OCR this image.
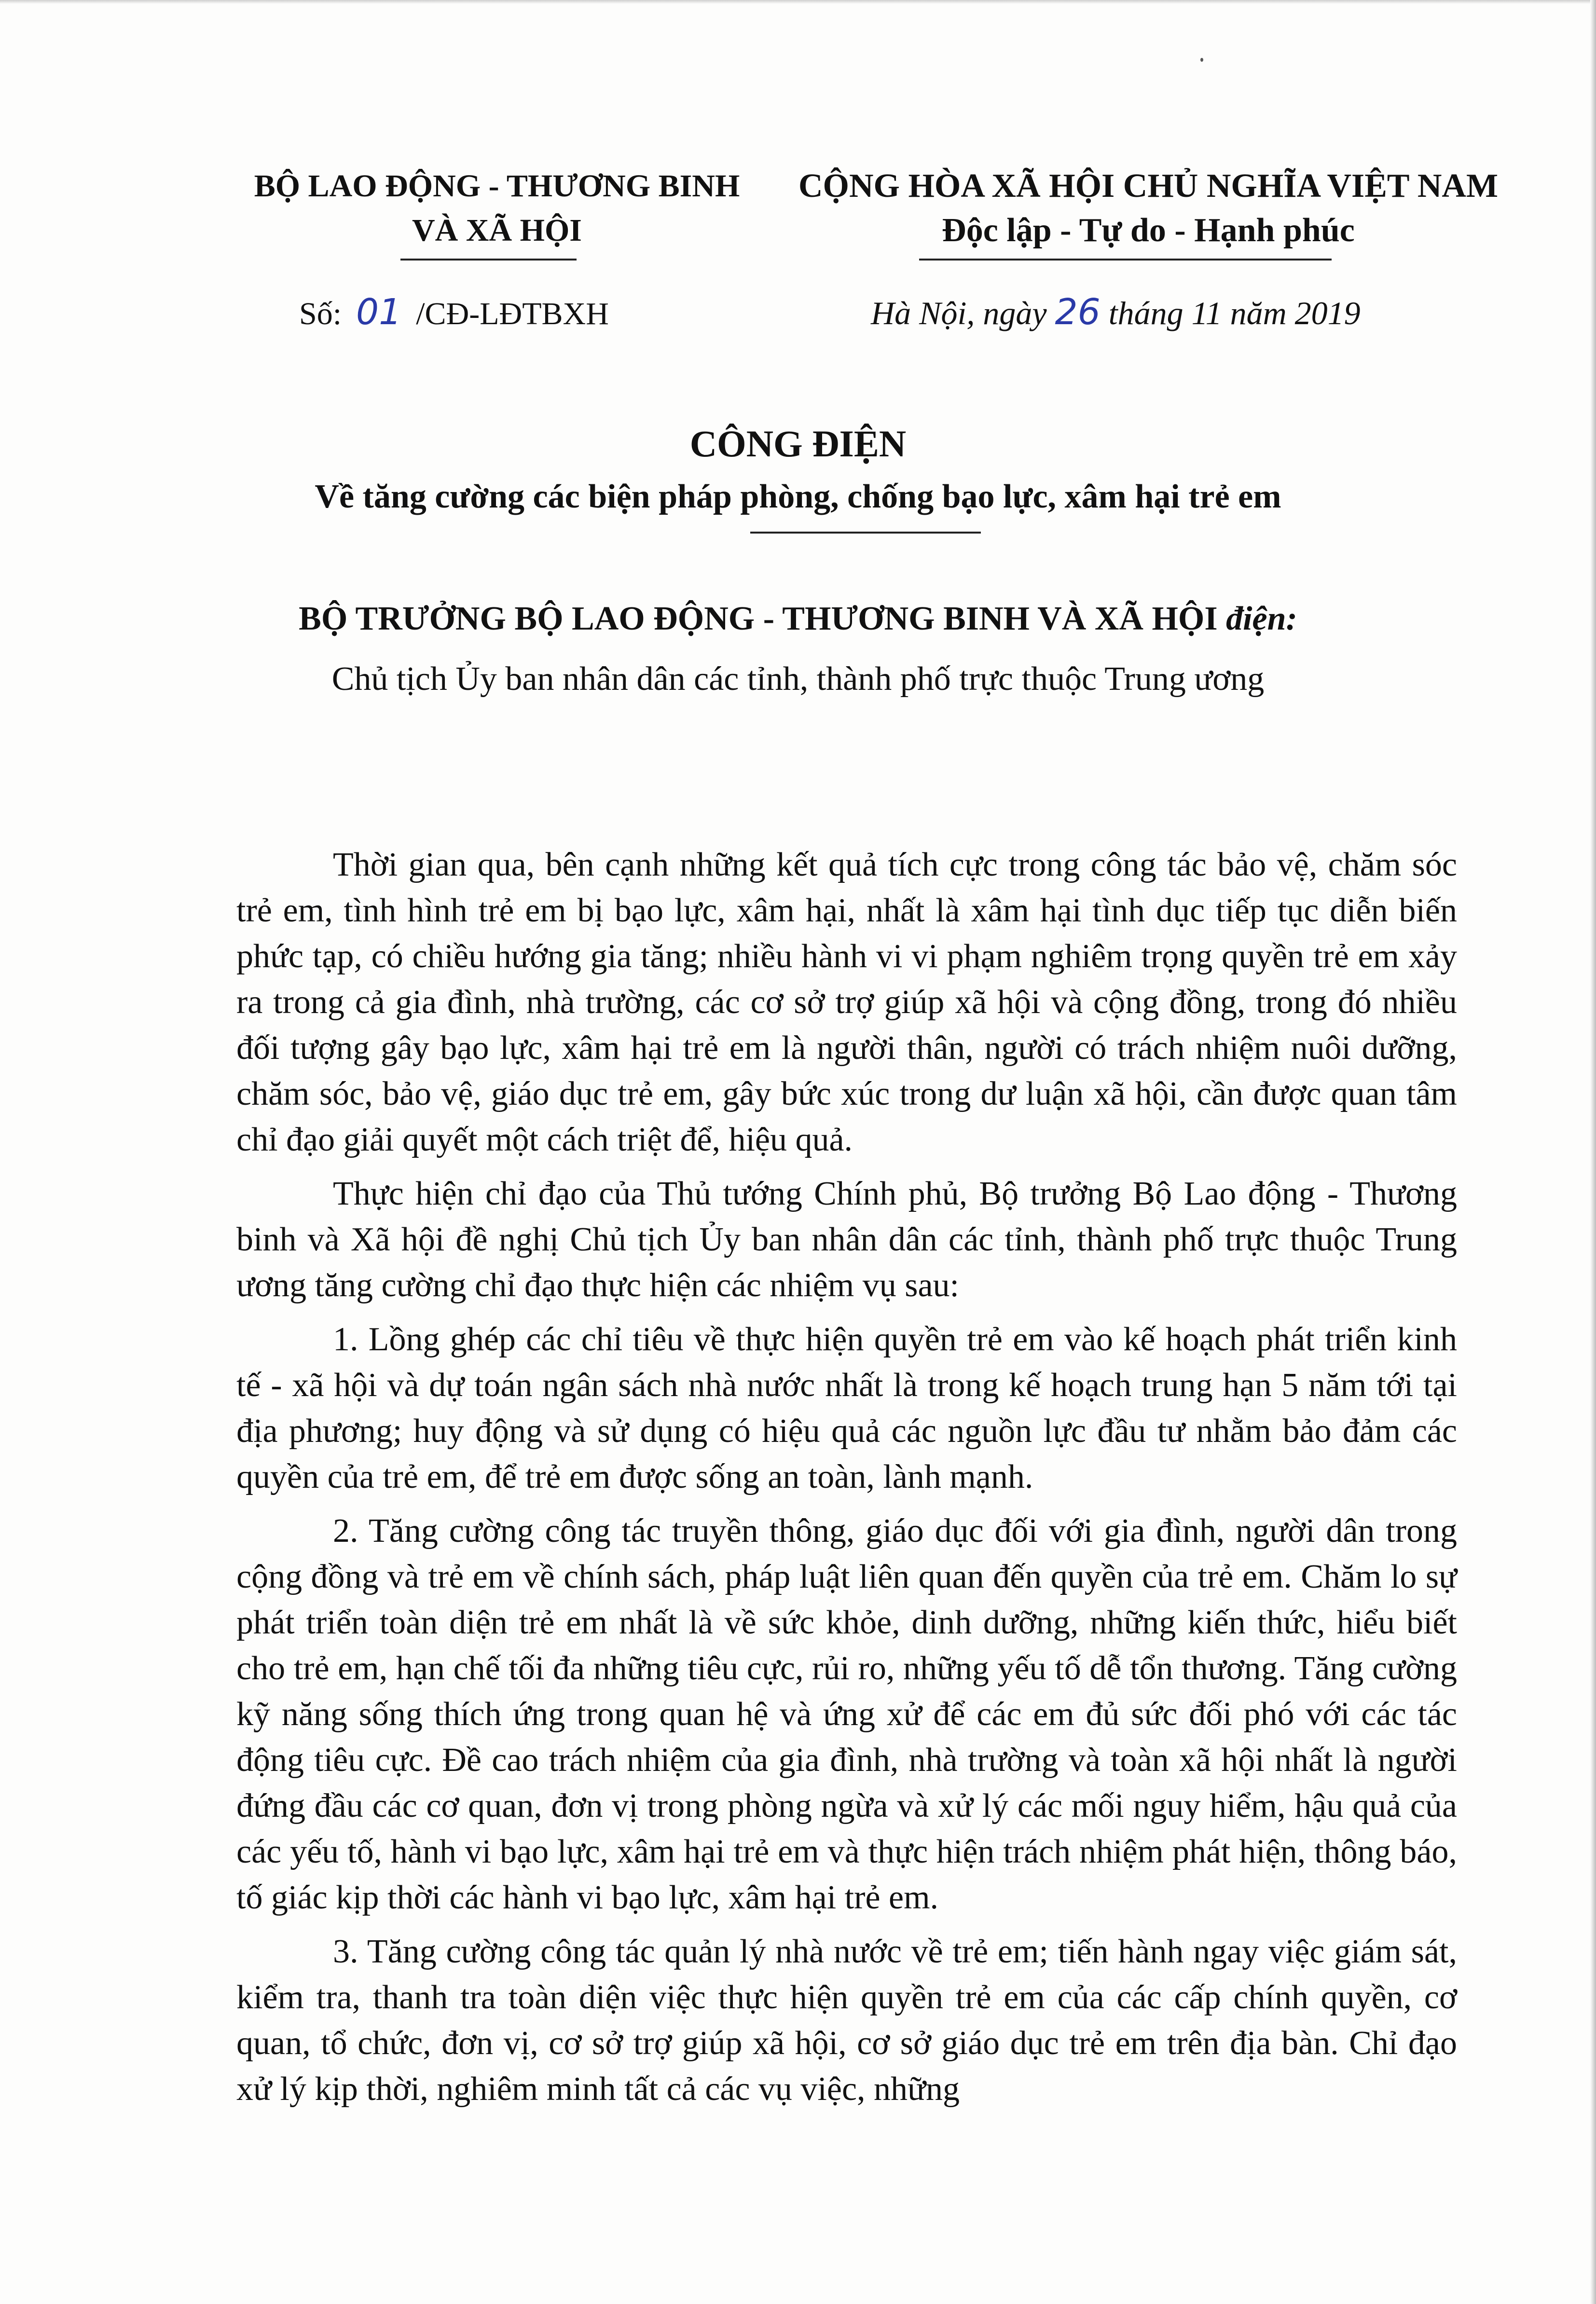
BỘ LAO ĐỘNG - THƯƠNG BINH
VÀ XÃ HỘI
CỘNG HÒA XÃ HỘI CHỦ NGHĨA VIỆT NAM
Độc lập - Tự do - Hạnh phúc
Số: 01 /CĐ-LĐTBXH	Hà Nội, ngày 26 tháng 11 năm 2019
CÔNG ĐIỆN
Về tăng cường các biện pháp phòng, chống bạo lực, xâm hại trẻ em
BỘ TRƯỞNG BỘ LAO ĐỘNG - THƯƠNG BINH VÀ XÃ HỘI điện:
Chủ tịch Ủy ban nhân dân các tỉnh, thành phố trực thuộc Trung ương

Thời gian qua, bên cạnh những kết quả tích cực trong công tác bảo vệ, chăm sóc trẻ em, tình hình trẻ em bị bạo lực, xâm hại, nhất là xâm hại tình dục tiếp tục diễn biến phức tạp, có chiều hướng gia tăng; nhiều hành vi vi phạm nghiêm trọng quyền trẻ em xảy ra trong cả gia đình, nhà trường, các cơ sở trợ giúp xã hội và cộng đồng, trong đó nhiều đối tượng gây bạo lực, xâm hại trẻ em là người thân, người có trách nhiệm nuôi dưỡng, chăm sóc, bảo vệ, giáo dục trẻ em, gây bức xúc trong dư luận xã hội, cần được quan tâm chỉ đạo giải quyết một cách triệt để, hiệu quả.

Thực hiện chỉ đạo của Thủ tướng Chính phủ, Bộ trưởng Bộ Lao động - Thương binh và Xã hội đề nghị Chủ tịch Ủy ban nhân dân các tỉnh, thành phố trực thuộc Trung ương tăng cường chỉ đạo thực hiện các nhiệm vụ sau:

1. Lồng ghép các chỉ tiêu về thực hiện quyền trẻ em vào kế hoạch phát triển kinh tế - xã hội và dự toán ngân sách nhà nước nhất là trong kế hoạch trung hạn 5 năm tới tại địa phương; huy động và sử dụng có hiệu quả các nguồn lực đầu tư nhằm bảo đảm các quyền của trẻ em, để trẻ em được sống an toàn, lành mạnh.

2. Tăng cường công tác truyền thông, giáo dục đối với gia đình, người dân trong cộng đồng và trẻ em về chính sách, pháp luật liên quan đến quyền của trẻ em. Chăm lo sự phát triển toàn diện trẻ em nhất là về sức khỏe, dinh dưỡng, những kiến thức, hiểu biết cho trẻ em, hạn chế tối đa những tiêu cực, rủi ro, những yếu tố dễ tổn thương. Tăng cường kỹ năng sống thích ứng trong quan hệ và ứng xử để các em đủ sức đối phó với các tác động tiêu cực. Đề cao trách nhiệm của gia đình, nhà trường và toàn xã hội nhất là người đứng đầu các cơ quan, đơn vị trong phòng ngừa và xử lý các mối nguy hiểm, hậu quả của các yếu tố, hành vi bạo lực, xâm hại trẻ em và thực hiện trách nhiệm phát hiện, thông báo, tố giác kịp thời các hành vi bạo lực, xâm hại trẻ em.

3. Tăng cường công tác quản lý nhà nước về trẻ em; tiến hành ngay việc giám sát, kiểm tra, thanh tra toàn diện việc thực hiện quyền trẻ em của các cấp chính quyền, cơ quan, tổ chức, đơn vị, cơ sở trợ giúp xã hội, cơ sở giáo dục trẻ em trên địa bàn. Chỉ đạo xử lý kịp thời, nghiêm minh tất cả các vụ việc, những
